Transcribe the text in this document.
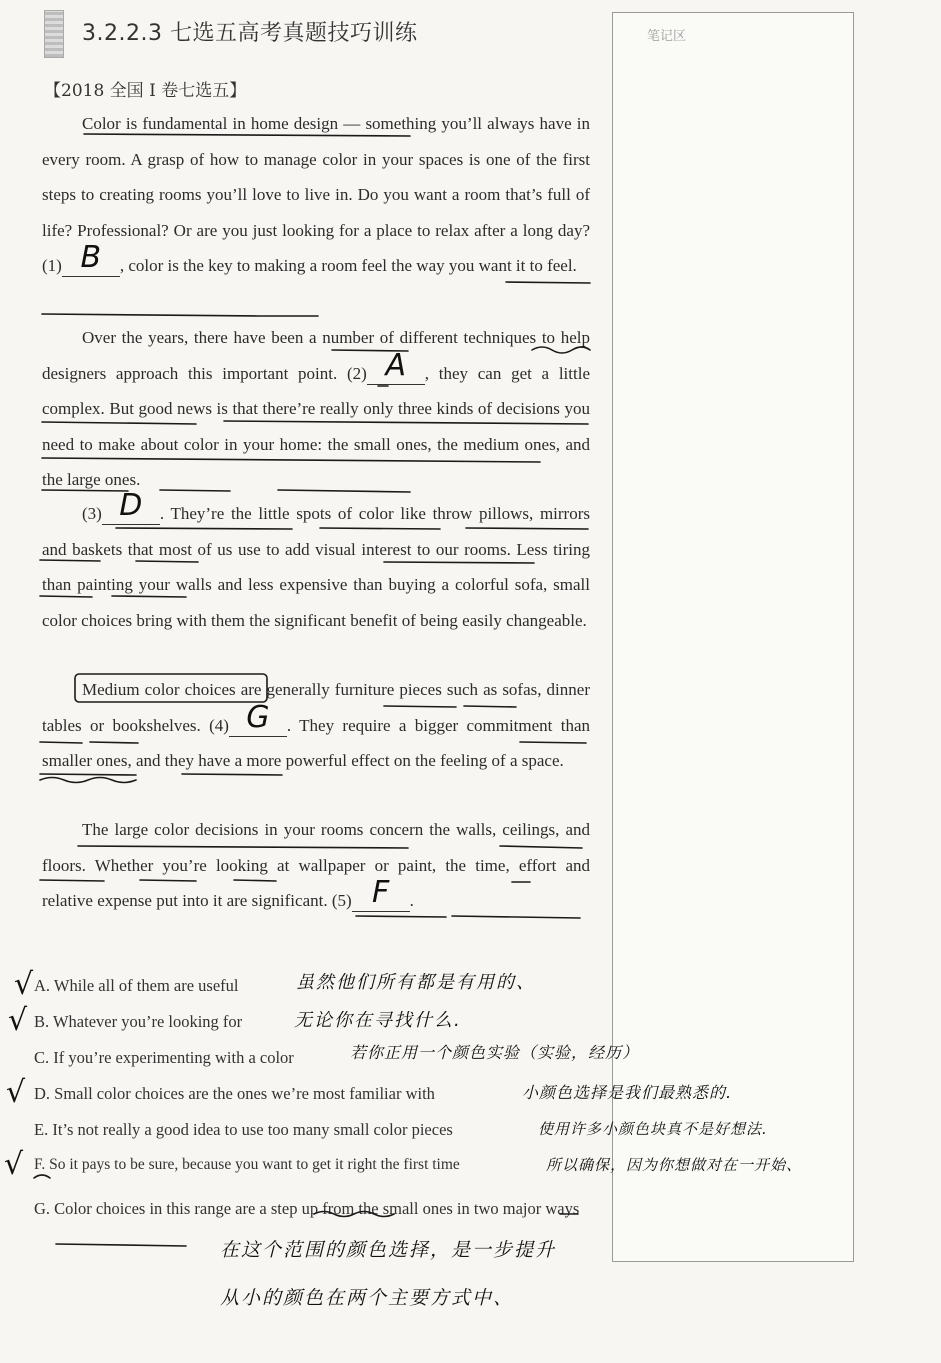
3.2.2.3 七选五高考真题技巧训练	笔记区
【2018 全国 I 卷七选五】
Color is fundamental in home design — something you’ll always have in every room. A grasp of how to manage color in your spaces is one of the first steps to creating rooms you’ll love to live in. Do you want a room that’s full of life? Professional? Or are you just looking for a place to relax after a long day? (1) B , color is the key to making a room feel the way you want it to feel.
Over the years, there have been a number of different techniques to help designers approach this important point. (2) A , they can get a little complex. But good news is that there’re really only three kinds of decisions you need to make about color in your home: the small ones, the medium ones, and the large ones.
(3) D . They’re the little spots of color like throw pillows, mirrors and baskets that most of us use to add visual interest to our rooms. Less tiring than painting your walls and less expensive than buying a colorful sofa, small color choices bring with them the significant benefit of being easily changeable.
Medium color choices are generally furniture pieces such as sofas, dinner tables or bookshelves. (4) G . They require a bigger commitment than smaller ones, and they have a more powerful effect on the feeling of a space.
The large color decisions in your rooms concern the walls, ceilings, and floors. Whether you’re looking at wallpaper or paint, the time, effort and relative expense put into it are significant. (5) F .
√ A. While all of them are useful	虽然他们所有都是有用的、
√ B. Whatever you’re looking for	无论你在寻找什么.
C. If you’re experimenting with a color	若你正用一个颜色实验（实验，经历）
√ D. Small color choices are the ones we’re most familiar with	小颜色选择是我们最熟悉的.
E. It’s not really a good idea to use too many small color pieces	使用许多小颜色块真不是好想法.
√ F. So it pays to be sure, because you want to get it right the first time	所以确保，因为你想做对在一开始、
G. Color choices in this range are a step up from the small ones in two major ways
在这个范围的颜色选择，是一步提升从小的颜色在两个主要方式中、
